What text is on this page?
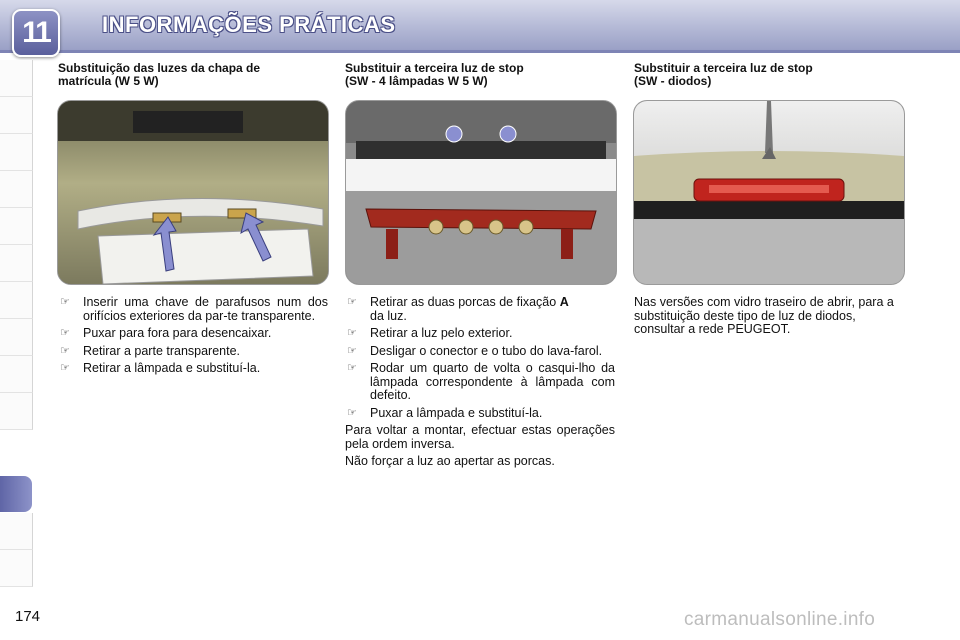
11	INFORMAÇÕES PRÁTICAS
Substituição das luzes da chapa de
matrícula (W 5 W)
☞ Inserir uma chave de parafusos num dos orifícios exteriores da par-te transparente.
☞ Puxar para fora para desencaixar.
☞ Retirar a parte transparente.
☞ Retirar a lâmpada e substituí-la.
Substituir a terceira luz de stop
(SW - 4 lâmpadas W 5 W)
☞ Retirar as duas porcas de fixação A
da luz.
☞ Retirar a luz pelo exterior.
☞ Desligar o conector e o tubo do lava-farol.
☞ Rodar um quarto de volta o casqui-lho da lâmpada correspondente à lâmpada com defeito.
☞ Puxar a lâmpada e substituí-la.

Para voltar a montar, efectuar estas operações pela ordem inversa.

Não forçar a luz ao apertar as porcas.

Substituir a terceira luz de stop
(SW - diodos)

Nas versões com vidro traseiro de abrir, para a substituição deste tipo de luz de diodos, consultar a rede PEUGEOT.

174	carmanualsonline.info
